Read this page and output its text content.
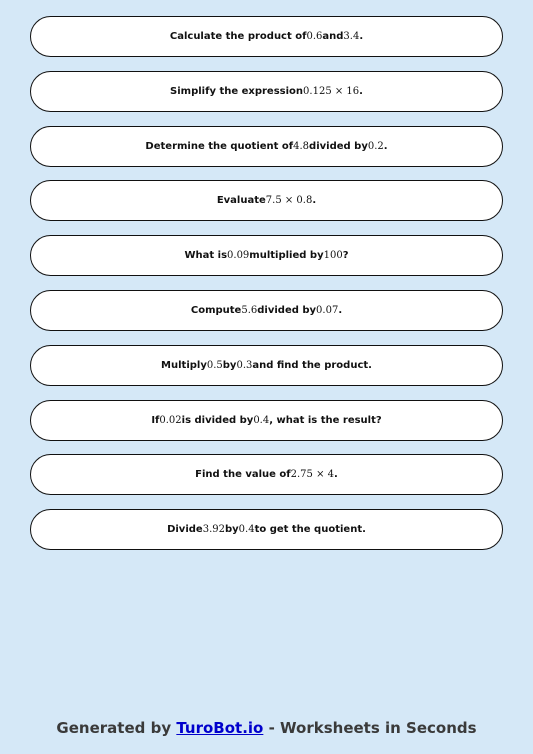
Calculate the product of 0.6 and 3.4 .
Simplify the expression 0.125 × 16 .
Determine the quotient of 4.8 divided by 0.2 .
Evaluate 7.5 × 0.8 .
What is 0.09 multiplied by 100 ?
Compute 5.6 divided by 0.07 .
Multiply 0.5 by 0.3 and find the product.
If 0.02 is divided by 0.4 , what is the result?
Find the value of 2.75 × 4 .
Divide 3.92 by 0.4 to get the quotient.
Generated by TuroBot.io - Worksheets in Seconds
